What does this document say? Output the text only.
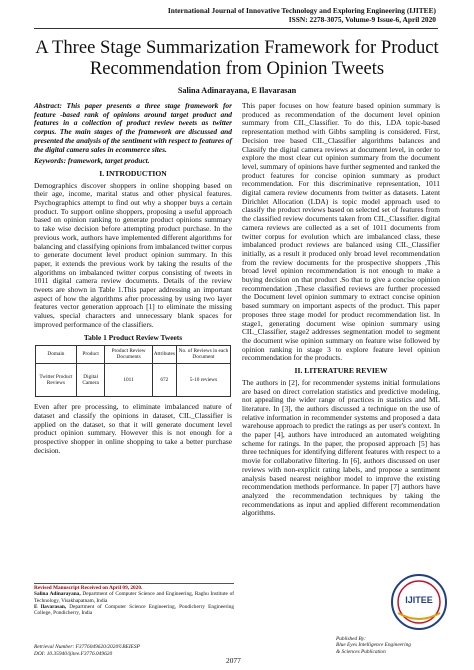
International Journal of Innovative Technology and Exploring Engineering (IJITEE)
ISSN: 2278-3075, Volume-9 Issue-6, April 2020
A Three Stage Summarization Framework for Product Recommendation from Opinion Tweets
Salina Adinarayana, E Ilavarasan

Abstract: This paper presents a three stage framework for feature -based rank of opinions around target product and features in a collection of product review tweets as twitter corpus. The main stages of the framework are discussed and presented the analysis of the sentiment with respect to features of the digital camera sales in ecommerce sites.

Keywords: framework, target product.

I. INTRODUCTION

Demographics discover shoppers in online shopping based on their age, income, marital status and other physical features. Psychographics attempt to find out why a shopper buys a certain product. To support online shoppers, proposing a useful approach based on opinion ranking to generate product opinions summary to take wise decision before attempting product purchase. In the previous work, authors have implemented different algorithms for balancing and classifying opinions from imbalanced twitter corpus to generate document level product opinion summary. In this paper, it extends the previous work by taking the results of the algorithms on imbalanced twitter corpus consisting of tweets in 1011 digital camera review documents. Details of the review tweets are shown in Table 1.This paper addressing an important aspect of how the algorithms after processing by using two layer features vector generation approach [1] to eliminate the missing values, special characters and unnecessary blank spaces for improved performance of the classifiers.

Table 1 Product Review Tweets

Domain	Product	Product Review Documents	Attributes	No. of Reviews in each Document
Twitter Product Reviews	Digital Camera	1011	672	5-10 reviews

Even after pre processing, to eliminate imbalanced nature of dataset and classify the opinions in dataset, CIL_Classifier is applied on the dataset, so that it will generate document level product opinion summary. However this is not enough for a prospective shopper in online shopping to take a better purchase decision.

This paper focuses on how feature based opinion summary is produced as recommendation of the document level opinion summary from CIL_Classifier. To do this, LDA topic-based representation method with Gibbs sampling is considered. First, Decision tree based CIL_Classifier algorithms balances and Classify the digital camera reviews at document level, in order to explore the most clear cut opinion summary from the document level, summary of opinions have further segmented and ranked the product features for concise opinion summary as product recommendation. For this discriminative representation, 1011 digital camera review documents from twitter as datasets. Latent Dirichlet Allocation (LDA) is topic model approach used to classify the product reviews based on selected set of features from the classified review documents taken from CIL_Classifier. digital camera reviews are collected as a set of 1011 documents from twitter corpus for evolution which are imbalanced class, these imbalanced product reviews are balanced using CIL_Classifier initially, as a result it produced only broad level recommendation from the review documents for the prospective shoppers ,This broad level opinion recommendation is not enough to make a buying decision on that product .So that to give a concise opinion recommendation ,These classified reviews are further processed the Document level opinion summary to extract concise opinion based summary on important aspects of the product. This paper proposes three stage model for product recommendation list. In stage1, generating document wise opinion summary using CIL_Classifier, stage2 addresses segmentation model to segment the document wise opinion summary on feature wise followed by opinion ranking in stage 3 to explore feature level opinion recommendation for the products.

II. LITERATURE REVIEW

The authors in [2], for recommender systems initial formulations are based on direct correlation statistics and predictive modeling, not appealing the wider range of practices in statistics and ML literature. In [3], the authors discussed a technique on the use of relative information in recommender systems and proposed a data warehouse approach to predict the ratings as per user's context. In the paper [4], authors have introduced an automated weighting scheme for ratings. In the paper, the proposed approach [5] has three techniques for identifying different features with respect to a movie for collaborative filtering. In [6], authors discussed on user reviews with non-explicit rating labels, and propose a sentiment analysis based nearest neighbor model to improve the existing recommendation methods performance. In paper [7] authors have analyzed the recommendation techniques by taking the recommendations as input and applied different recommendation algorithms.

Revised Manuscript Received on April 09, 2020.
Salina Adinarayana, Department of Computer Science and Engineering, Raghu Institute of Technology, Visakhapatnam, India
E Ilavarasan, Department of Computer Science Engineering, Pondicherry Engineering College, Pondicherry, India
Retrieval Number: F3776049620/2020©BEIESP
DOI: 10.35940/ijitee.F3776.049620
2077
Published By:
Blue Eyes Intelligence Engineering
& Sciences Publication
IJITEE
